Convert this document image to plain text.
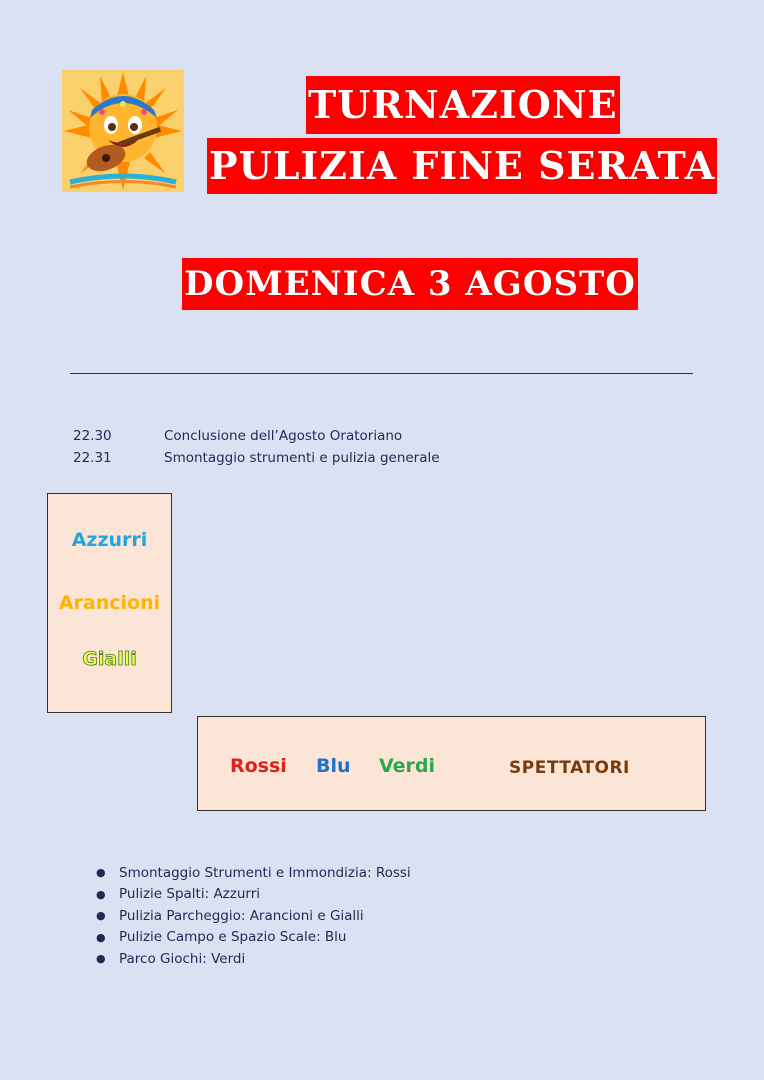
TURNAZIONE
PULIZIA FINE SERATA
DOMENICA 3 AGOSTO
22.30	Conclusione dell’Agosto Oratoriano
22.31	Smontaggio strumenti e pulizia generale
Azzurri
Arancioni
Gialli
Rossi Blu Verdi	SPETTATORI
● Smontaggio Strumenti e Immondizia: Rossi
● Pulizie Spalti: Azzurri
● Pulizia Parcheggio: Arancioni e Gialli
● Pulizie Campo e Spazio Scale: Blu
● Parco Giochi: Verdi
